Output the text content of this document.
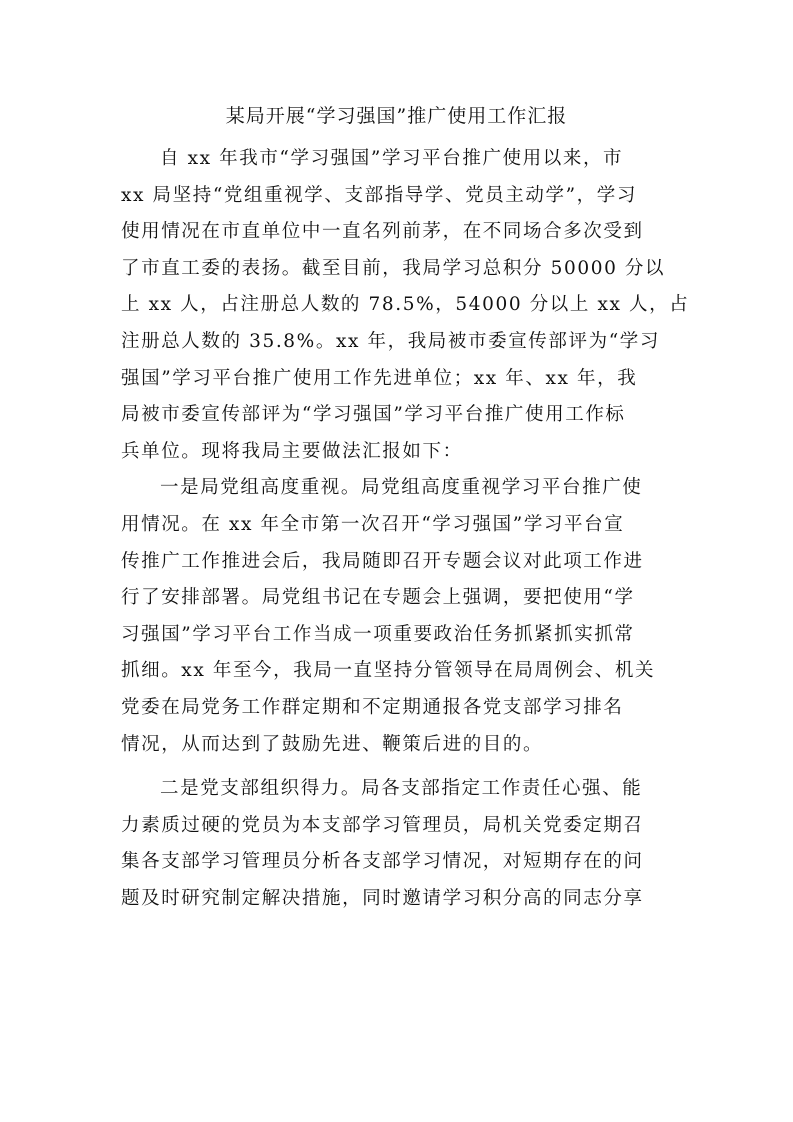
某局开展“学习强国”推广使用工作汇报
自 xx 年我市“学习强国”学习平台推广使用以来，市
xx 局坚持“党组重视学、支部指导学、党员主动学”，学习
使用情况在市直单位中一直名列前茅，在不同场合多次受到
了市直工委的表扬。截至目前，我局学习总积分 50000 分以
上 xx 人，占注册总人数的 78.5%，54000 分以上 xx 人，占
注册总人数的 35.8%。xx 年，我局被市委宣传部评为“学习
强国”学习平台推广使用工作先进单位；xx 年、xx 年，我
局被市委宣传部评为“学习强国”学习平台推广使用工作标
兵单位。现将我局主要做法汇报如下：
一是局党组高度重视。局党组高度重视学习平台推广使
用情况。在 xx 年全市第一次召开“学习强国”学习平台宣
传推广工作推进会后，我局随即召开专题会议对此项工作进
行了安排部署。局党组书记在专题会上强调，要把使用“学
习强国”学习平台工作当成一项重要政治任务抓紧抓实抓常
抓细。xx 年至今，我局一直坚持分管领导在局周例会、机关
党委在局党务工作群定期和不定期通报各党支部学习排名
情况，从而达到了鼓励先进、鞭策后进的目的。
二是党支部组织得力。局各支部指定工作责任心强、能
力素质过硬的党员为本支部学习管理员，局机关党委定期召
集各支部学习管理员分析各支部学习情况，对短期存在的问
题及时研究制定解决措施，同时邀请学习积分高的同志分享
